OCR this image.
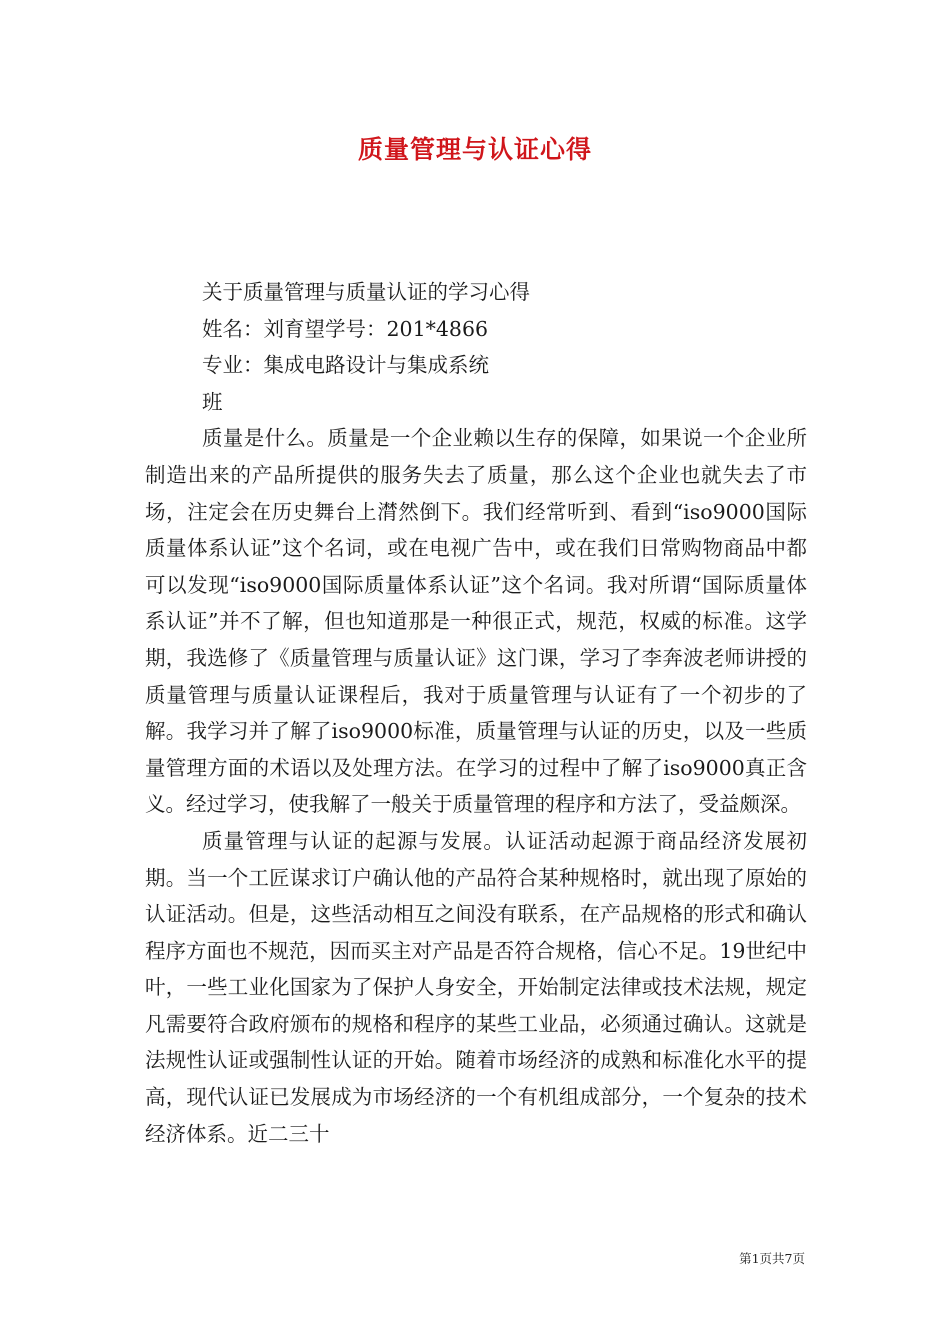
质量管理与认证心得

关于质量管理与质量认证的学习心得

姓名：刘育望学号：201*4866

专业：集成电路设计与集成系统

班

质量是什么。质量是一个企业赖以生存的保障，如果说一个企业所制造出来的产品所提供的服务失去了质量，那么这个企业也就失去了市场，注定会在历史舞台上潸然倒下。我们经常听到、看到“iso9000国际质量体系认证”这个名词，或在电视广告中，或在我们日常购物商品中都可以发现“iso9000国际质量体系认证”这个名词。我对所谓“国际质量体系认证”并不了解，但也知道那是一种很正式，规范，权威的标准。这学期，我选修了《质量管理与质量认证》这门课，学习了李奔波老师讲授的质量管理与质量认证课程后，我对于质量管理与认证有了一个初步的了解。我学习并了解了iso9000标准，质量管理与认证的历史，以及一些质量管理方面的术语以及处理方法。在学习的过程中了解了iso9000真正含义。经过学习，使我解了一般关于质量管理的程序和方法了，受益颇深。

质量管理与认证的起源与发展。认证活动起源于商品经济发展初期。当一个工匠谋求订户确认他的产品符合某种规格时，就出现了原始的认证活动。但是，这些活动相互之间没有联系，在产品规格的形式和确认程序方面也不规范，因而买主对产品是否符合规格，信心不足。19世纪中叶，一些工业化国家为了保护人身安全，开始制定法律或技术法规，规定凡需要符合政府颁布的规格和程序的某些工业品，必须通过确认。这就是法规性认证或强制性认证的开始。随着市场经济的成熟和标准化水平的提高，现代认证已发展成为市场经济的一个有机组成部分，一个复杂的技术经济体系。近二三十

第1页共7页
